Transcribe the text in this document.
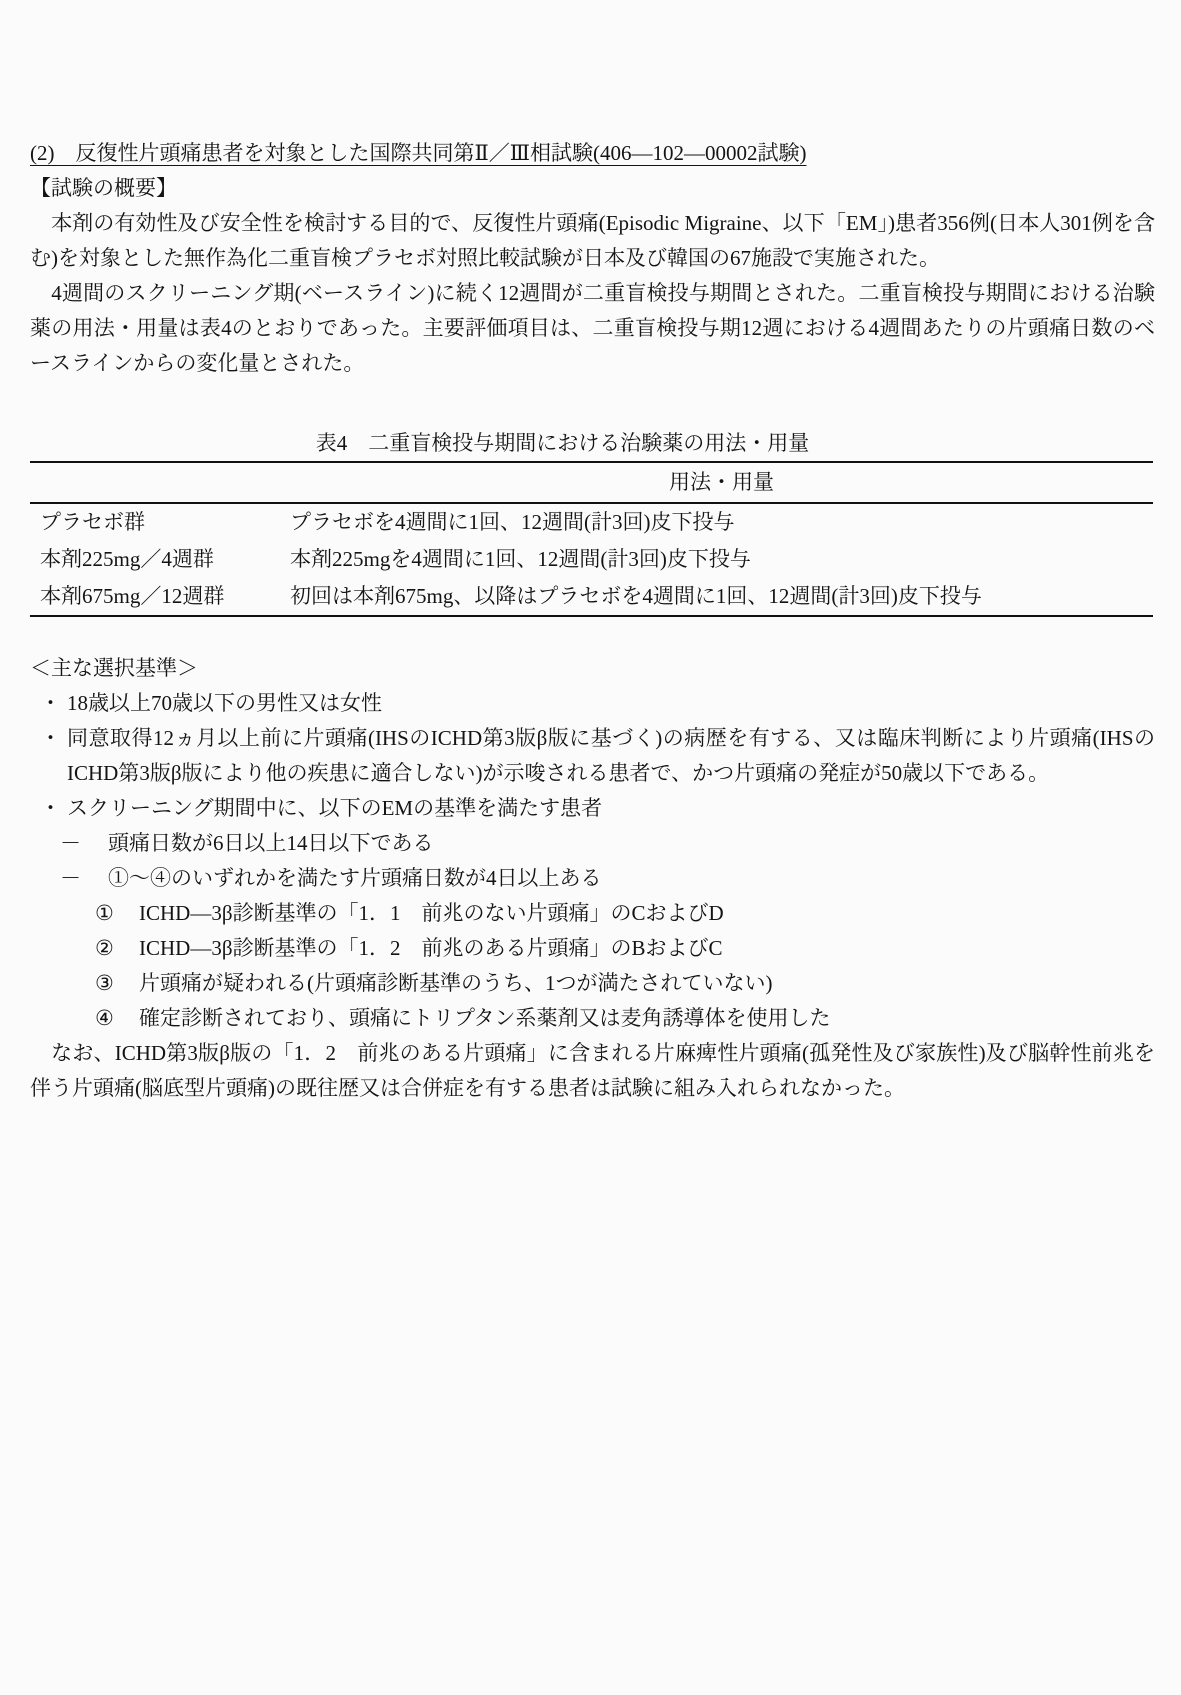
(2)　反復性片頭痛患者を対象とした国際共同第Ⅱ／Ⅲ相試験(406—102—00002試験)
【試験の概要】

　本剤の有効性及び安全性を検討する目的で、反復性片頭痛(Episodic Migraine、以下「EM」)患者356例(日本人301例を含む)を対象とした無作為化二重盲検プラセボ対照比較試験が日本及び韓国の67施設で実施された。

　4週間のスクリーニング期(ベースライン)に続く12週間が二重盲検投与期間とされた。二重盲検投与期間における治験薬の用法・用量は表4のとおりであった。主要評価項目は、二重盲検投与期12週における4週間あたりの片頭痛日数のベースラインからの変化量とされた。

表4　二重盲検投与期間における治験薬の用法・用量
	用法・用量
プラセボ群	プラセボを4週間に1回、12週間(計3回)皮下投与
本剤225mg／4週群	本剤225mgを4週間に1回、12週間(計3回)皮下投与
本剤675mg／12週群	初回は本剤675mg、以降はプラセボを4週間に1回、12週間(計3回)皮下投与
＜主な選択基準＞
・ 18歳以上70歳以下の男性又は女性
・ 同意取得12ヵ月以上前に片頭痛(IHSのICHD第3版β版に基づく)の病歴を有する、又は臨床判断により片頭痛(IHSのICHD第3版β版により他の疾患に適合しない)が示唆される患者で、かつ片頭痛の発症が50歳以下である。
・ スクリーニング期間中に、以下のEMの基準を満たす患者
－	頭痛日数が6日以上14日以下である
－	①～④のいずれかを満たす片頭痛日数が4日以上ある
①	ICHD—3β診断基準の「1．1　前兆のない片頭痛」のCおよびD
②	ICHD—3β診断基準の「1．2　前兆のある片頭痛」のBおよびC
③	片頭痛が疑われる(片頭痛診断基準のうち、1つが満たされていない)
④	確定診断されており、頭痛にトリプタン系薬剤又は麦角誘導体を使用した

　なお、ICHD第3版β版の「1．2　前兆のある片頭痛」に含まれる片麻痺性片頭痛(孤発性及び家族性)及び脳幹性前兆を伴う片頭痛(脳底型片頭痛)の既往歴又は合併症を有する患者は試験に組み入れられなかった。
